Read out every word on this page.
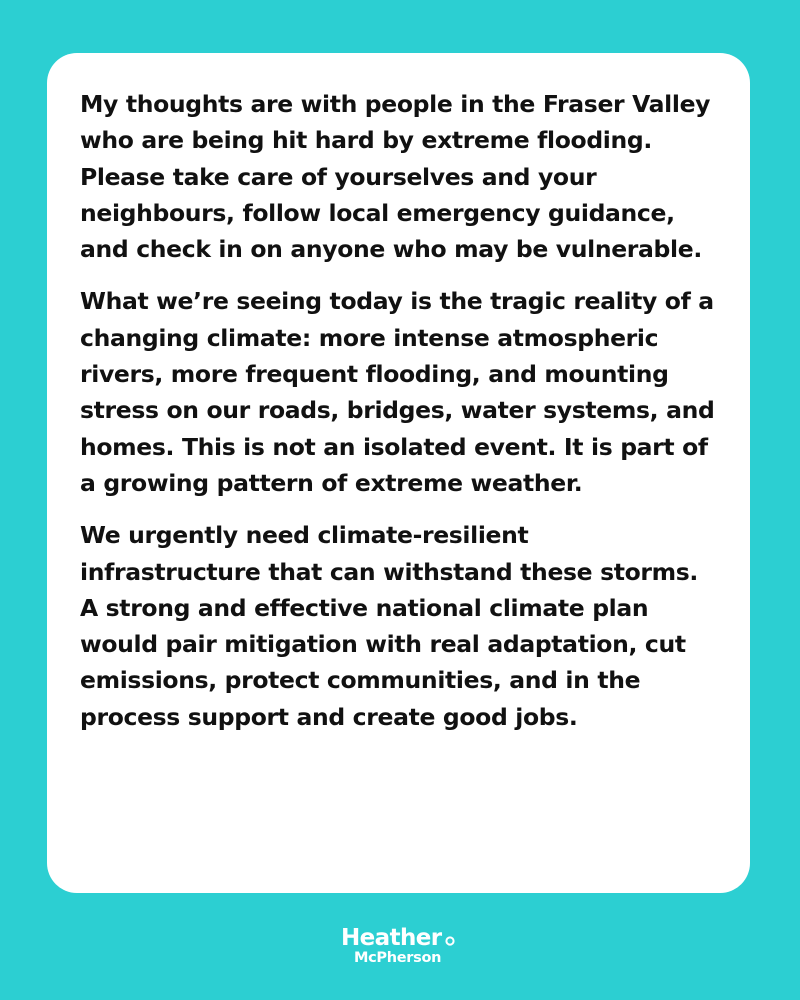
My thoughts are with people in the Fraser Valley who are being hit hard by extreme flooding. Please take care of yourselves and your neighbours, follow local emergency guidance, and check in on anyone who may be vulnerable.

What we’re seeing today is the tragic reality of a changing climate: more intense atmospheric rivers, more frequent flooding, and mounting stress on our roads, bridges, water systems, and homes. This is not an isolated event. It is part of a growing pattern of extreme weather.

We urgently need climate-resilient infrastructure that can withstand these storms. A strong and effective national climate plan would pair mitigation with real adaptation, cut emissions, protect communities, and in the process support and create good jobs.

Heather
McPherson
